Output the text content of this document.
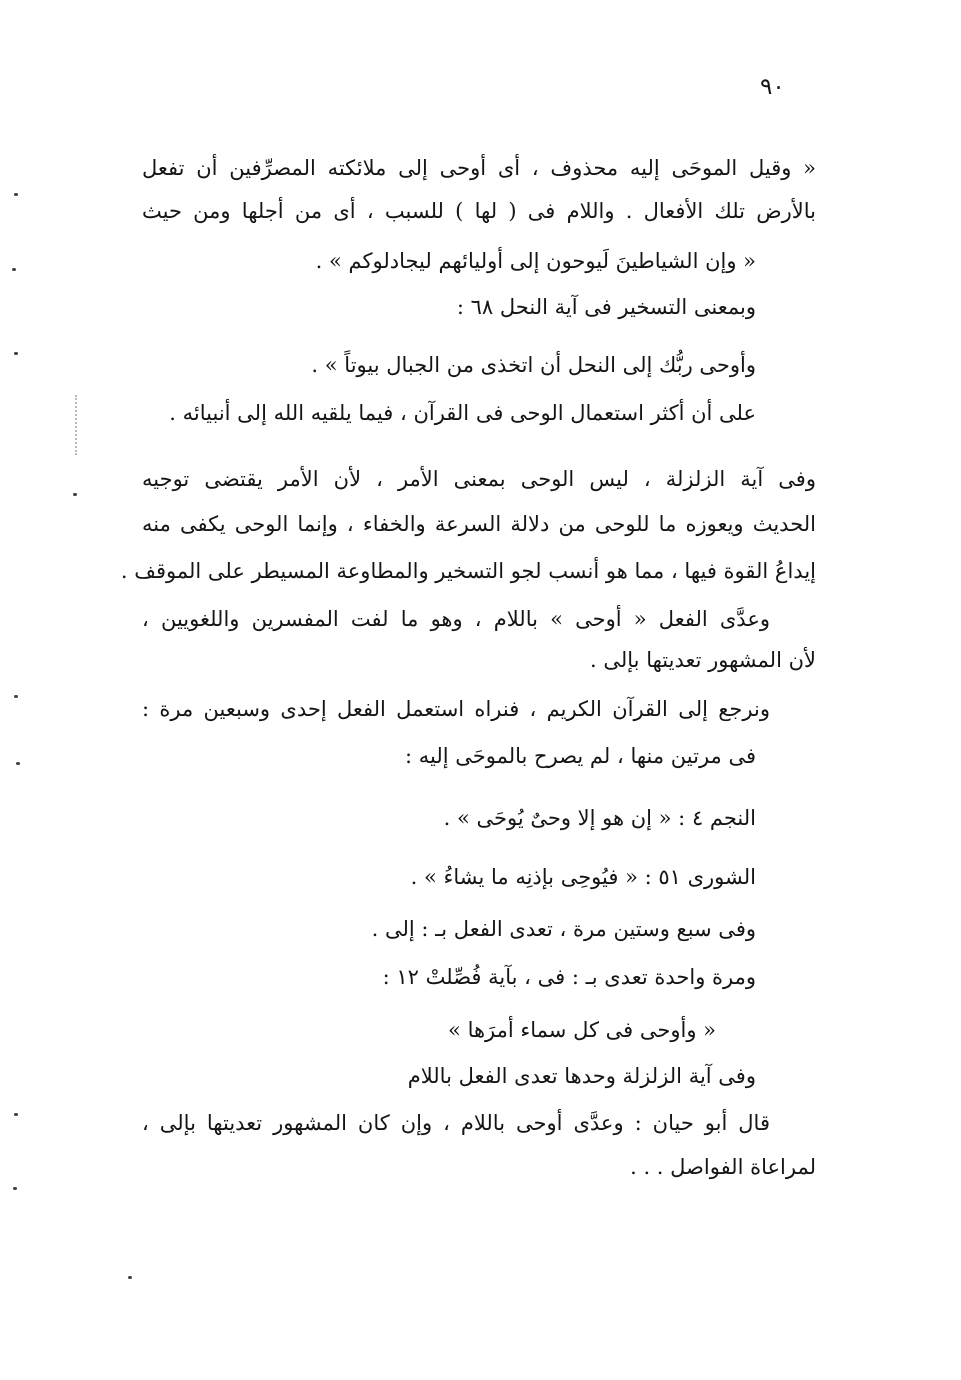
٩٠
« وقيل الموحَى إليه محذوف ، أى أوحى إلى ملائكته المصرِّفين أن تفعل
بالأرض تلك الأفعال . واللام فى ( لها ) للسبب ، أى من أجلها ومن حيث
« وإن الشياطينَ لَيوحون إلى أوليائهم ليجادلوكم » .
وبمعنى التسخير فى آية النحل ٦٨ :
وأوحى ربُّك إلى النحل أن اتخذى من الجبال بيوتاً » .
على أن أكثر استعمال الوحى فى القرآن ، فيما يلقيه الله إلى أنبيائه .
وفى آية الزلزلة ، ليس الوحى بمعنى الأمر ، لأن الأمر يقتضى توجيه
الحديث ويعوزه ما للوحى من دلالة السرعة والخفاء ، وإنما الوحى يكفى منه
إيداعُ القوة فيها ، مما هو أنسب لجو التسخير والمطاوعة المسيطر على الموقف .
وعدَّى الفعل « أوحى » باللام ، وهو ما لفت المفسرين واللغويين ،
لأن المشهور تعديتها بإلى .
ونرجع إلى القرآن الكريم ، فنراه استعمل الفعل إحدى وسبعين مرة :
فى مرتين منها ، لم يصرح بالموحَى إليه :
النجم ٤ : « إن هو إلا وحىٌ يُوحَى » .
الشورى ٥١ : « فيُوحِى بإذنِه ما يشاءُ » .
وفى سبع وستين مرة ، تعدى الفعل بـ : إلى .
ومرة واحدة تعدى بـ : فى ، بآية فُصِّلتْ ١٢ :
« وأوحى فى كل سماء أمرَها »
وفى آية الزلزلة وحدها تعدى الفعل باللام
قال أبو حيان : وعدَّى أوحى باللام ، وإن كان المشهور تعديتها بإلى ،
لمراعاة الفواصل . . .
